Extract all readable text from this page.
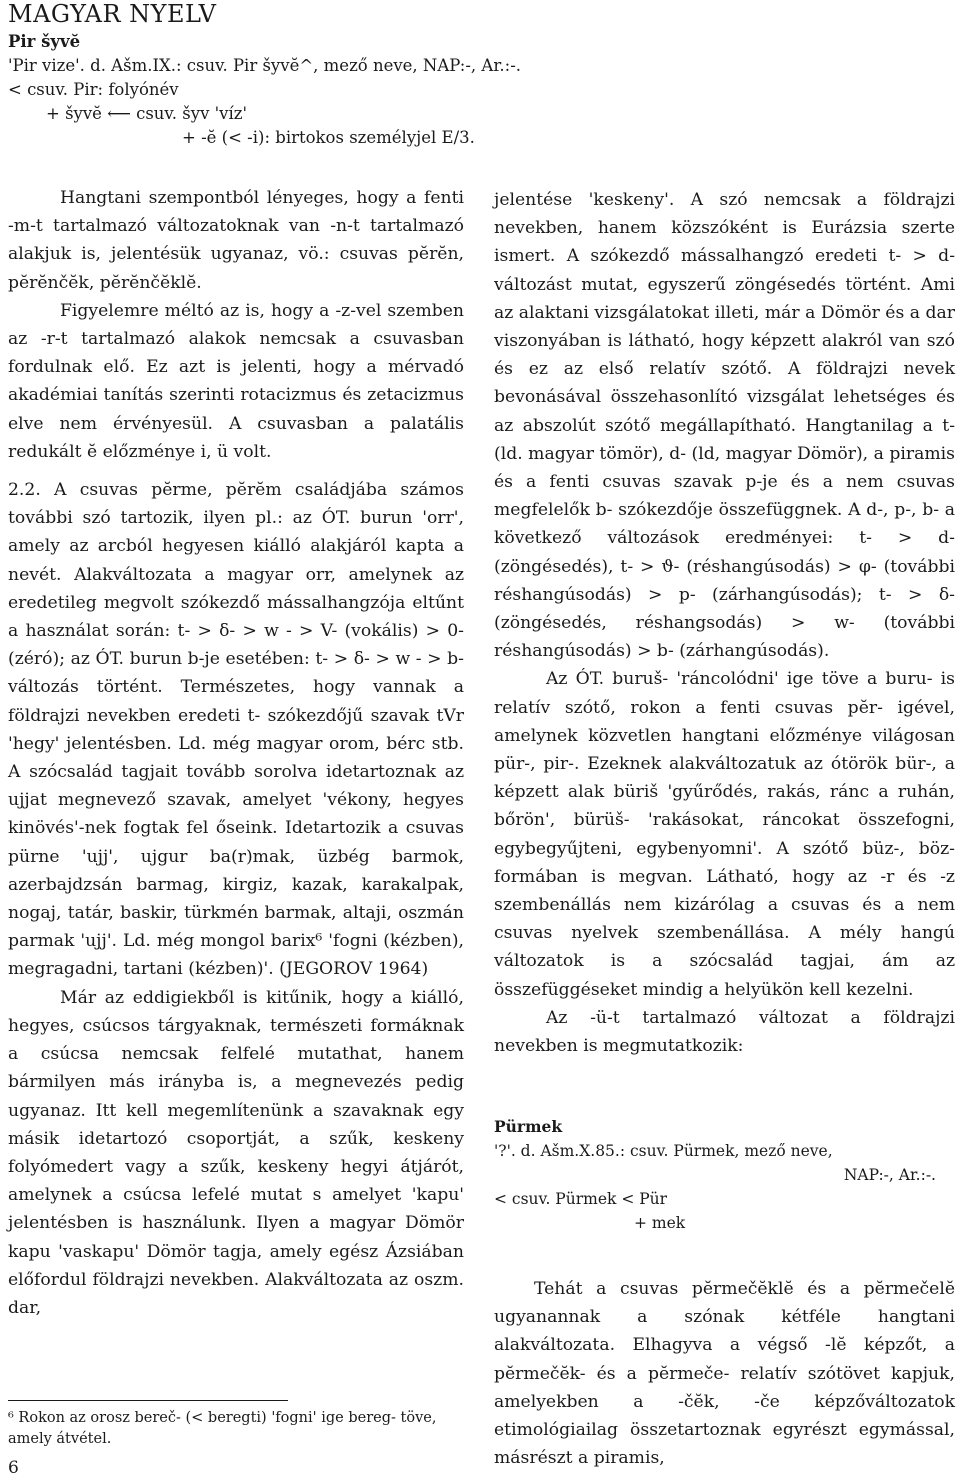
MAGYAR NYELV
Pir šyvĕ
'Pir vize'. d. Ašm.IX.: csuv. Pir šyvĕ^, mező neve, NAP:-, Ar.:-.
< csuv. Pir: folyónév
+ šyvĕ ⟵ csuv. šyv 'víz'
+ -ĕ (< -i): birtokos személyjel E/3.

Hangtani szempontból lényeges, hogy a fenti -m-t tartalmazó változatoknak van -n-t tartalmazó alakjuk is, jelentésük ugyanaz, vö.: csuvas pĕrĕn, pĕrĕnčĕk, pĕrĕnčĕklĕ.

Figyelemre méltó az is, hogy a -z-vel szemben az -r-t tartalmazó alakok nemcsak a csuvasban fordulnak elő. Ez azt is jelenti, hogy a mérvadó akadémiai tanítás szerinti rotacizmus és zetacizmus elve nem érvényesül. A csuvasban a palatális redukált ĕ előzménye i, ü volt.

2.2. A csuvas pĕrme, pĕrĕm családjába számos további szó tartozik, ilyen pl.: az ÓT. burun 'orr', amely az arcból hegyesen kiálló alakjáról kapta a nevét. Alakváltozata a magyar orr, amelynek az eredetileg megvolt szókezdő mássalhangzója eltűnt a használat során: t- > δ- > w - > V- (vokális) > 0- (zéró); az ÓT. burun b-je esetében: t- > δ- > w - > b- változás történt. Természetes, hogy vannak a földrajzi nevekben eredeti t- szókezdőjű szavak tVr 'hegy' jelentésben. Ld. még magyar orom, bérc stb. A szócsalád tagjait tovább sorolva idetartoznak az ujjat megnevező szavak, amelyet 'vékony, hegyes kinövés'-nek fogtak fel őseink. Idetartozik a csuvas pürne 'ujj', ujgur ba(r)mak, üzbég barmok, azerbajdzsán barmag, kirgiz, kazak, karakalpak, nogaj, tatár, baskir, türkmén barmak, altaji, oszmán parmak 'ujj'. Ld. még mongol barix⁶ 'fogni (kézben), megragadni, tartani (kézben)'. (JEGOROV 1964)

Már az eddigiekből is kitűnik, hogy a kiálló, hegyes, csúcsos tárgyaknak, természeti formáknak a csúcsa nemcsak felfelé mutathat, hanem bármilyen más irányba is, a megnevezés pedig ugyanaz. Itt kell megemlítenünk a szavaknak egy másik idetartozó csoportját, a szűk, keskeny folyómedert vagy a szűk, keskeny hegyi átjárót, amelynek a csúcsa lefelé mutat s amelyet 'kapu' jelentésben is használunk. Ilyen a magyar Dömör kapu 'vaskapu' Dömör tagja, amely egész Ázsiában előfordul földrajzi nevekben. Alakváltozata az oszm. dar,

jelentése 'keskeny'. A szó nemcsak a földrajzi nevekben, hanem közszóként is Eurázsia szerte ismert. A szókezdő mássalhangzó eredeti t- > d- változást mutat, egyszerű zöngésedés történt. Ami az alaktani vizsgálatokat illeti, már a Dömör és a dar viszonyában is látható, hogy képzett alakról van szó és ez az első relatív szótő. A földrajzi nevek bevonásával összehasonlító vizsgálat lehetséges és az abszolút szótő megállapítható. Hangtanilag a t- (ld. magyar tömör), d- (ld, magyar Dömör), a piramis és a fenti csuvas szavak p-je és a nem csuvas megfelelők b- szókezdője összefüggnek. A d-, p-, b- a következő változások eredményei: t- > d- (zöngésedés), t- > ϑ- (réshangúsodás) > φ- (további réshangúsodás) > p- (zárhangúsodás); t- > δ- (zöngésedés, réshangsodás) > w- (további réshangúsodás) > b- (zárhangúsodás).

Az ÓT. buruš- 'ráncolódni' ige töve a buru- is relatív szótő, rokon a fenti csuvas pĕr- igével, amelynek közvetlen hangtani előzménye világosan pür-, pir-. Ezeknek alakváltozatuk az ótörök bür-, a képzett alak büriš 'gyűrődés, rakás, ránc a ruhán, bőrön', bürüš- 'rakásokat, ráncokat összefogni, egybegyűjteni, egybenyomni'. A szótő büz-, böz- formában is megvan. Látható, hogy az -r és -z szembenállás nem kizárólag a csuvas és a nem csuvas nyelvek szembenállása. A mély hangú változatok is a szócsalád tagjai, ám az összefüggéseket mindig a helyükön kell kezelni.

Az -ü-t tartalmazó változat a földrajzi nevekben is megmutatkozik:

Pürmek
'?'. d. Ašm.X.85.: csuv. Pürmek, mező neve,
NAP:-, Ar.:-.
< csuv. Pürmek < Pür
+ mek

Tehát a csuvas pĕrmečĕklĕ és a pĕrmečelĕ ugyanannak a szónak kétféle hangtani alakváltozata. Elhagyva a végső -lĕ képzőt, a pĕrmečĕk- és a pĕrmeče- relatív szótövet kapjuk, amelyekben a -čĕk, -če képzőváltozatok etimológiailag összetartoznak egyrészt egymással, másrészt a piramis,

⁶ Rokon az orosz bereč- (< beregti) 'fogni' ige bereg- töve, amely átvétel.
6
